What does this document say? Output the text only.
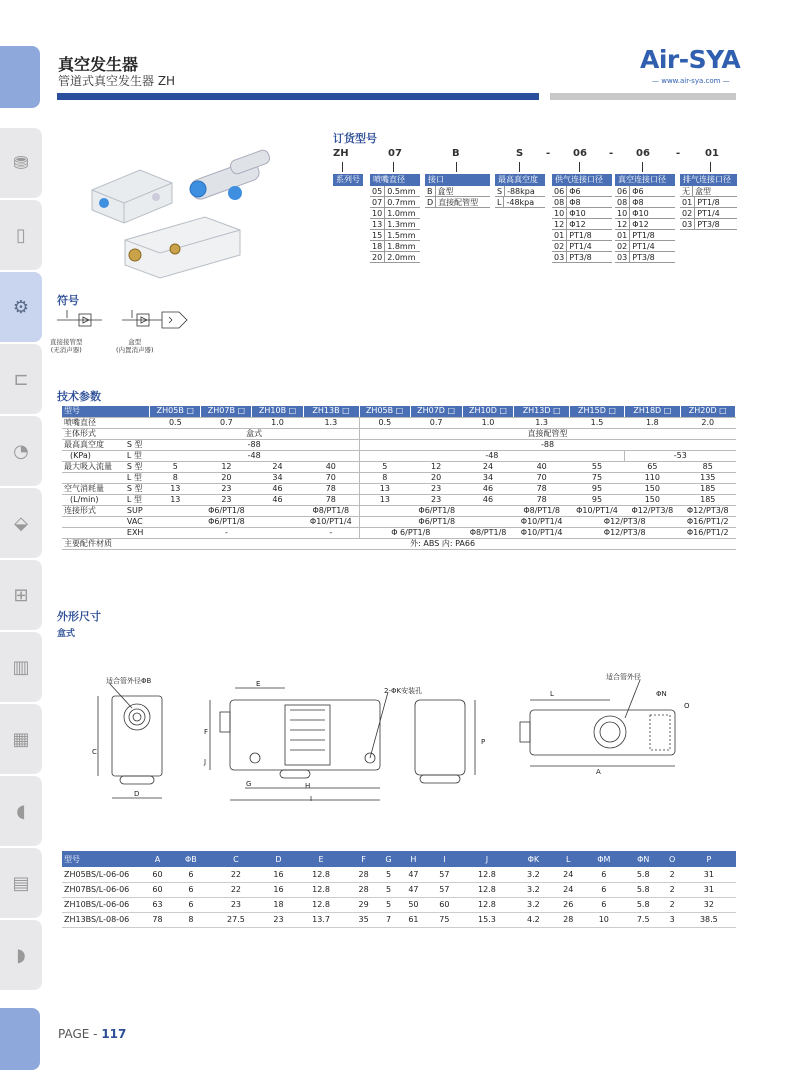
⛃
▯
⚙
⊏
◔
⬙
⊞
▥
▦
◖
▤
◗
真空发生器
管道式真空发生器 ZH
Air-SYA
— www.air-sya.com —
订货型号
ZH	07	B	S - 06 - 06	- 01
系列号	喷嘴直径
05 0.5mm
07 0.7mm
10 1.0mm
13 1.3mm
15 1.5mm
18 1.8mm
20 2.0mm
接口
B 盒型
D 直接配管型
最高真空度
S -88kpa
L -48kpa
供气连接口径
06 Φ6
08 Φ8
10 Φ10
12 Φ12
01 PT1/8
02 PT1/4
03 PT3/8
真空连接口径
06 Φ6
08 Φ8
10 Φ10
12 Φ12
01 PT1/8
02 PT1/4
03 PT3/8
排气连接口径
无 盒型
01 PT1/8
02 PT1/4
03 PT3/8
符号
直接接管型
(无消声器)
盒型
(内置消声器)
技术参数
型号		ZH05B □	ZH07B □	ZH10B □	ZH13B □	ZH05B □	ZH07D □	ZH10D □	ZH13D □	ZH15D □	ZH18D □	ZH20D □
喷嘴直径		0.5	0.7	1.0	1.3	0.5	0.7	1.0	1.3	1.5	1.8	2.0
主体形式		盒式				直接配管型						
最高真空度	S 型	-88				-88						
(KPa)	L 型	-48				-48					-53	
最大吸入流量	S 型	5	12	24	40	5	12	24	40	55	65	85
	L 型	8	20	34	70	8	20	34	70	75	110	135
空气消耗量	S 型	13	23	46	78	13	23	46	78	95	150	185
(L/min)	L 型	13	23	46	78	13	23	46	78	95	150	185
连接形式	SUP	Φ6/PT1/8			Φ8/PT1/8	Φ6/PT1/8			Φ8/PT1/8	Φ10/PT1/4	Φ12/PT3/8	Φ12/PT3/8
	VAC	Φ6/PT1/8			Φ10/PT1/4	Φ6/PT1/8			Φ10/PT1/4	Φ12/PT3/8		Φ16/PT1/2
	EXH	-			-	Φ 6/PT1/8		Φ8/PT1/8	Φ10/PT1/4	Φ12/PT3/8		Φ16/PT1/2
主要配件材质		外: ABS 内: PA66										
外形尺寸
盒式
适合管外径ΦB
C
D
E
2-ΦK安装孔
F
J
G	H
I
P
L
适合管外径
ΦN
O
A
型号	A	ΦB	C	D	E	F	G	H	I	J	ΦK	L	ΦM	ΦN	O	P
ZH05BS/L-06-06	60	6	22	16	12.8	28	5	47	57	12.8	3.2	24	6	5.8	2	31
ZH07BS/L-06-06	60	6	22	16	12.8	28	5	47	57	12.8	3.2	24	6	5.8	2	31
ZH10BS/L-06-06	63	6	23	18	12.8	29	5	50	60	12.8	3.2	26	6	5.8	2	32
ZH13BS/L-08-06	78	8	27.5	23	13.7	35	7	61	75	15.3	4.2	28	10	7.5	3	38.5
PAGE - 117
